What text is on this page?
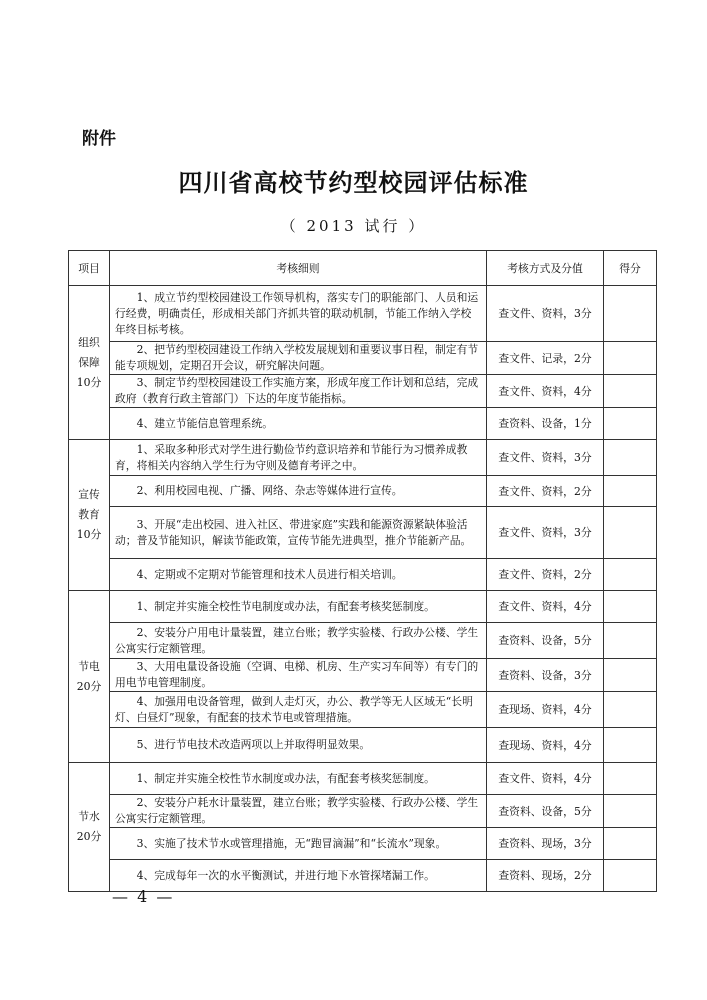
附件
四川省高校节约型校园评估标准
（ 2013 试行 ）
项目	考核细则	考核方式及分值	得分

组织
保障
10分	1、成立节约型校园建设工作领导机构，落实专门的职能部门、人员和运行经费，明确责任，形成相关部门齐抓共管的联动机制，节能工作纳入学校年终目标考核。	查文件、资料，3分	
	2、把节约型校园建设工作纳入学校发展规划和重要议事日程，制定有节能专项规划，定期召开会议，研究解决问题。	查文件、记录，2分	
	3、制定节约型校园建设工作实施方案，形成年度工作计划和总结，完成政府（教育行政主管部门）下达的年度节能指标。	查文件、资料，4分	
	4、建立节能信息管理系统。	查资料、设备，1分	

宣传
教育
10分	1、采取多种形式对学生进行勤俭节约意识培养和节能行为习惯养成教育，将相关内容纳入学生行为守则及德育考评之中。	查文件、资料，3分	
	2、利用校园电视、广播、网络、杂志等媒体进行宣传。	查文件、资料，2分	
	3、开展“走出校园、进入社区、带进家庭”实践和能源资源紧缺体验活动；普及节能知识，解读节能政策，宣传节能先进典型，推介节能新产品。	查文件、资料，3分	
	4、定期或不定期对节能管理和技术人员进行相关培训。	查文件、资料，2分	

节电
20分	1、制定并实施全校性节电制度或办法，有配套考核奖惩制度。	查文件、资料，4分	
	2、安装分户用电计量装置，建立台账；教学实验楼、行政办公楼、学生公寓实行定额管理。	查资料、设备，5分	
	3、大用电量设备设施（空调、电梯、机房、生产实习车间等）有专门的用电节电管理制度。	查资料、设备，3分	
	4、加强用电设备管理，做到人走灯灭，办公、教学等无人区域无“长明灯、白昼灯”现象，有配套的技术节电或管理措施。	查现场、资料，4分	
	5、进行节电技术改造两项以上并取得明显效果。	查现场、资料，4分	

节水
20分	1、制定并实施全校性节水制度或办法，有配套考核奖惩制度。	查文件、资料，4分	
	2、安装分户耗水计量装置，建立台账；教学实验楼、行政办公楼、学生公寓实行定额管理。	查资料、设备，5分	
	3、实施了技术节水或管理措施，无“跑冒滴漏”和“长流水”现象。	查资料、现场，3分	
	4、完成每年一次的水平衡测试，并进行地下水管探堵漏工作。	查资料、现场，2分	
— 4 —
